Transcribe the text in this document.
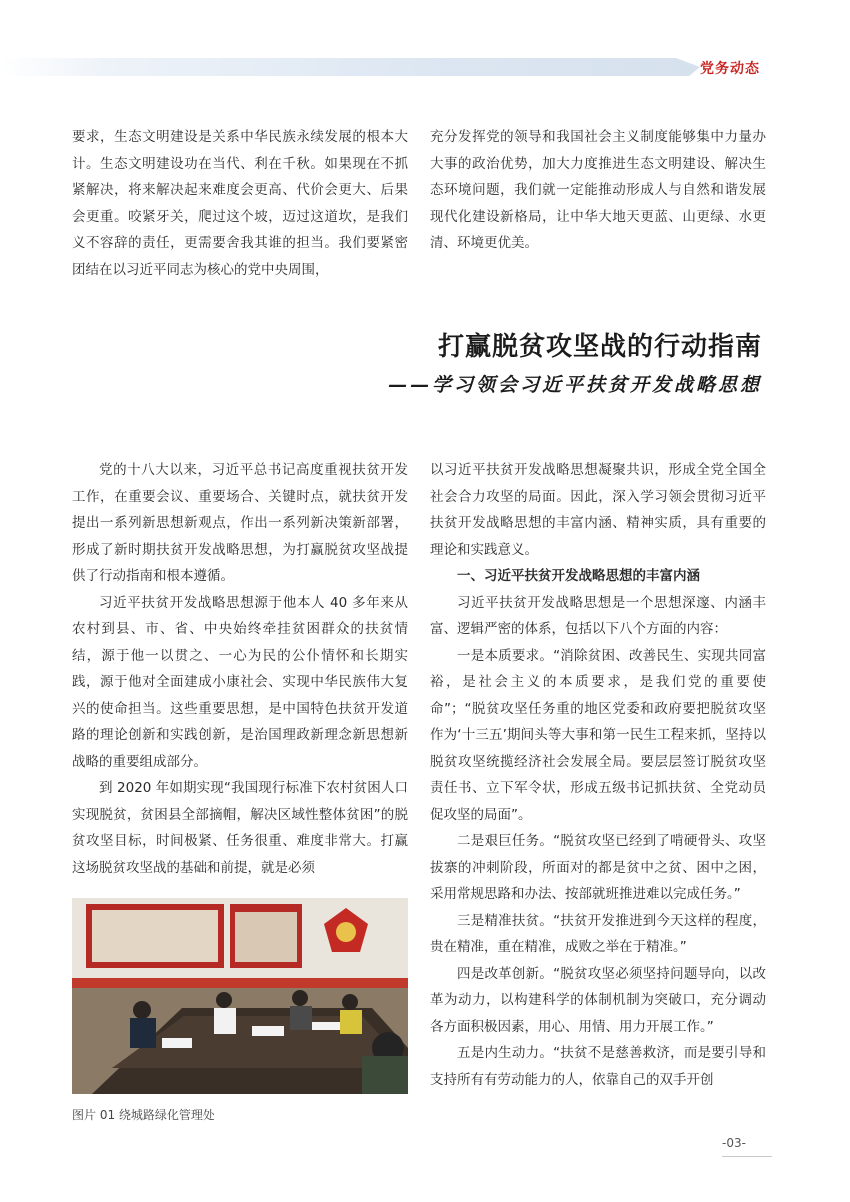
党务动态

要求，生态文明建设是关系中华民族永续发展的根本大计。生态文明建设功在当代、利在千秋。如果现在不抓紧解决，将来解决起来难度会更高、代价会更大、后果会更重。咬紧牙关，爬过这个坡，迈过这道坎，是我们义不容辞的责任，更需要舍我其谁的担当。我们要紧密团结在以习近平同志为核心的党中央周围，

充分发挥党的领导和我国社会主义制度能够集中力量办大事的政治优势，加大力度推进生态文明建设、解决生态环境问题，我们就一定能推动形成人与自然和谐发展现代化建设新格局，让中华大地天更蓝、山更绿、水更清、环境更优美。

打赢脱贫攻坚战的行动指南
——学习领会习近平扶贫开发战略思想

党的十八大以来，习近平总书记高度重视扶贫开发工作，在重要会议、重要场合、关键时点，就扶贫开发提出一系列新思想新观点，作出一系列新决策新部署，形成了新时期扶贫开发战略思想，为打赢脱贫攻坚战提供了行动指南和根本遵循。

习近平扶贫开发战略思想源于他本人 40 多年来从农村到县、市、省、中央始终牵挂贫困群众的扶贫情结，源于他一以贯之、一心为民的公仆情怀和长期实践，源于他对全面建成小康社会、实现中华民族伟大复兴的使命担当。这些重要思想，是中国特色扶贫开发道路的理论创新和实践创新，是治国理政新理念新思想新战略的重要组成部分。

到 2020 年如期实现“我国现行标准下农村贫困人口实现脱贫，贫困县全部摘帽，解决区域性整体贫困”的脱贫攻坚目标，时间极紧、任务很重、难度非常大。打赢这场脱贫攻坚战的基础和前提，就是必须

以习近平扶贫开发战略思想凝聚共识，形成全党全国全社会合力攻坚的局面。因此，深入学习领会贯彻习近平扶贫开发战略思想的丰富内涵、精神实质，具有重要的理论和实践意义。

一、习近平扶贫开发战略思想的丰富内涵

习近平扶贫开发战略思想是一个思想深邃、内涵丰富、逻辑严密的体系，包括以下八个方面的内容：

一是本质要求。“消除贫困、改善民生、实现共同富裕，是社会主义的本质要求，是我们党的重要使命”；“脱贫攻坚任务重的地区党委和政府要把脱贫攻坚作为‘十三五’期间头等大事和第一民生工程来抓，坚持以脱贫攻坚统揽经济社会发展全局。要层层签订脱贫攻坚责任书、立下军令状，形成五级书记抓扶贫、全党动员促攻坚的局面”。

二是艰巨任务。“脱贫攻坚已经到了啃硬骨头、攻坚拔寨的冲刺阶段，所面对的都是贫中之贫、困中之困，采用常规思路和办法、按部就班推进难以完成任务。”

三是精准扶贫。“扶贫开发推进到今天这样的程度，贵在精准，重在精准，成败之举在于精准。”

四是改革创新。“脱贫攻坚必须坚持问题导向，以改革为动力，以构建科学的体制机制为突破口，充分调动各方面积极因素，用心、用情、用力开展工作。”

五是内生动力。“扶贫不是慈善救济，而是要引导和支持所有有劳动能力的人，依靠自己的双手开创

图片 01 绕城路绿化管理处
-03-
